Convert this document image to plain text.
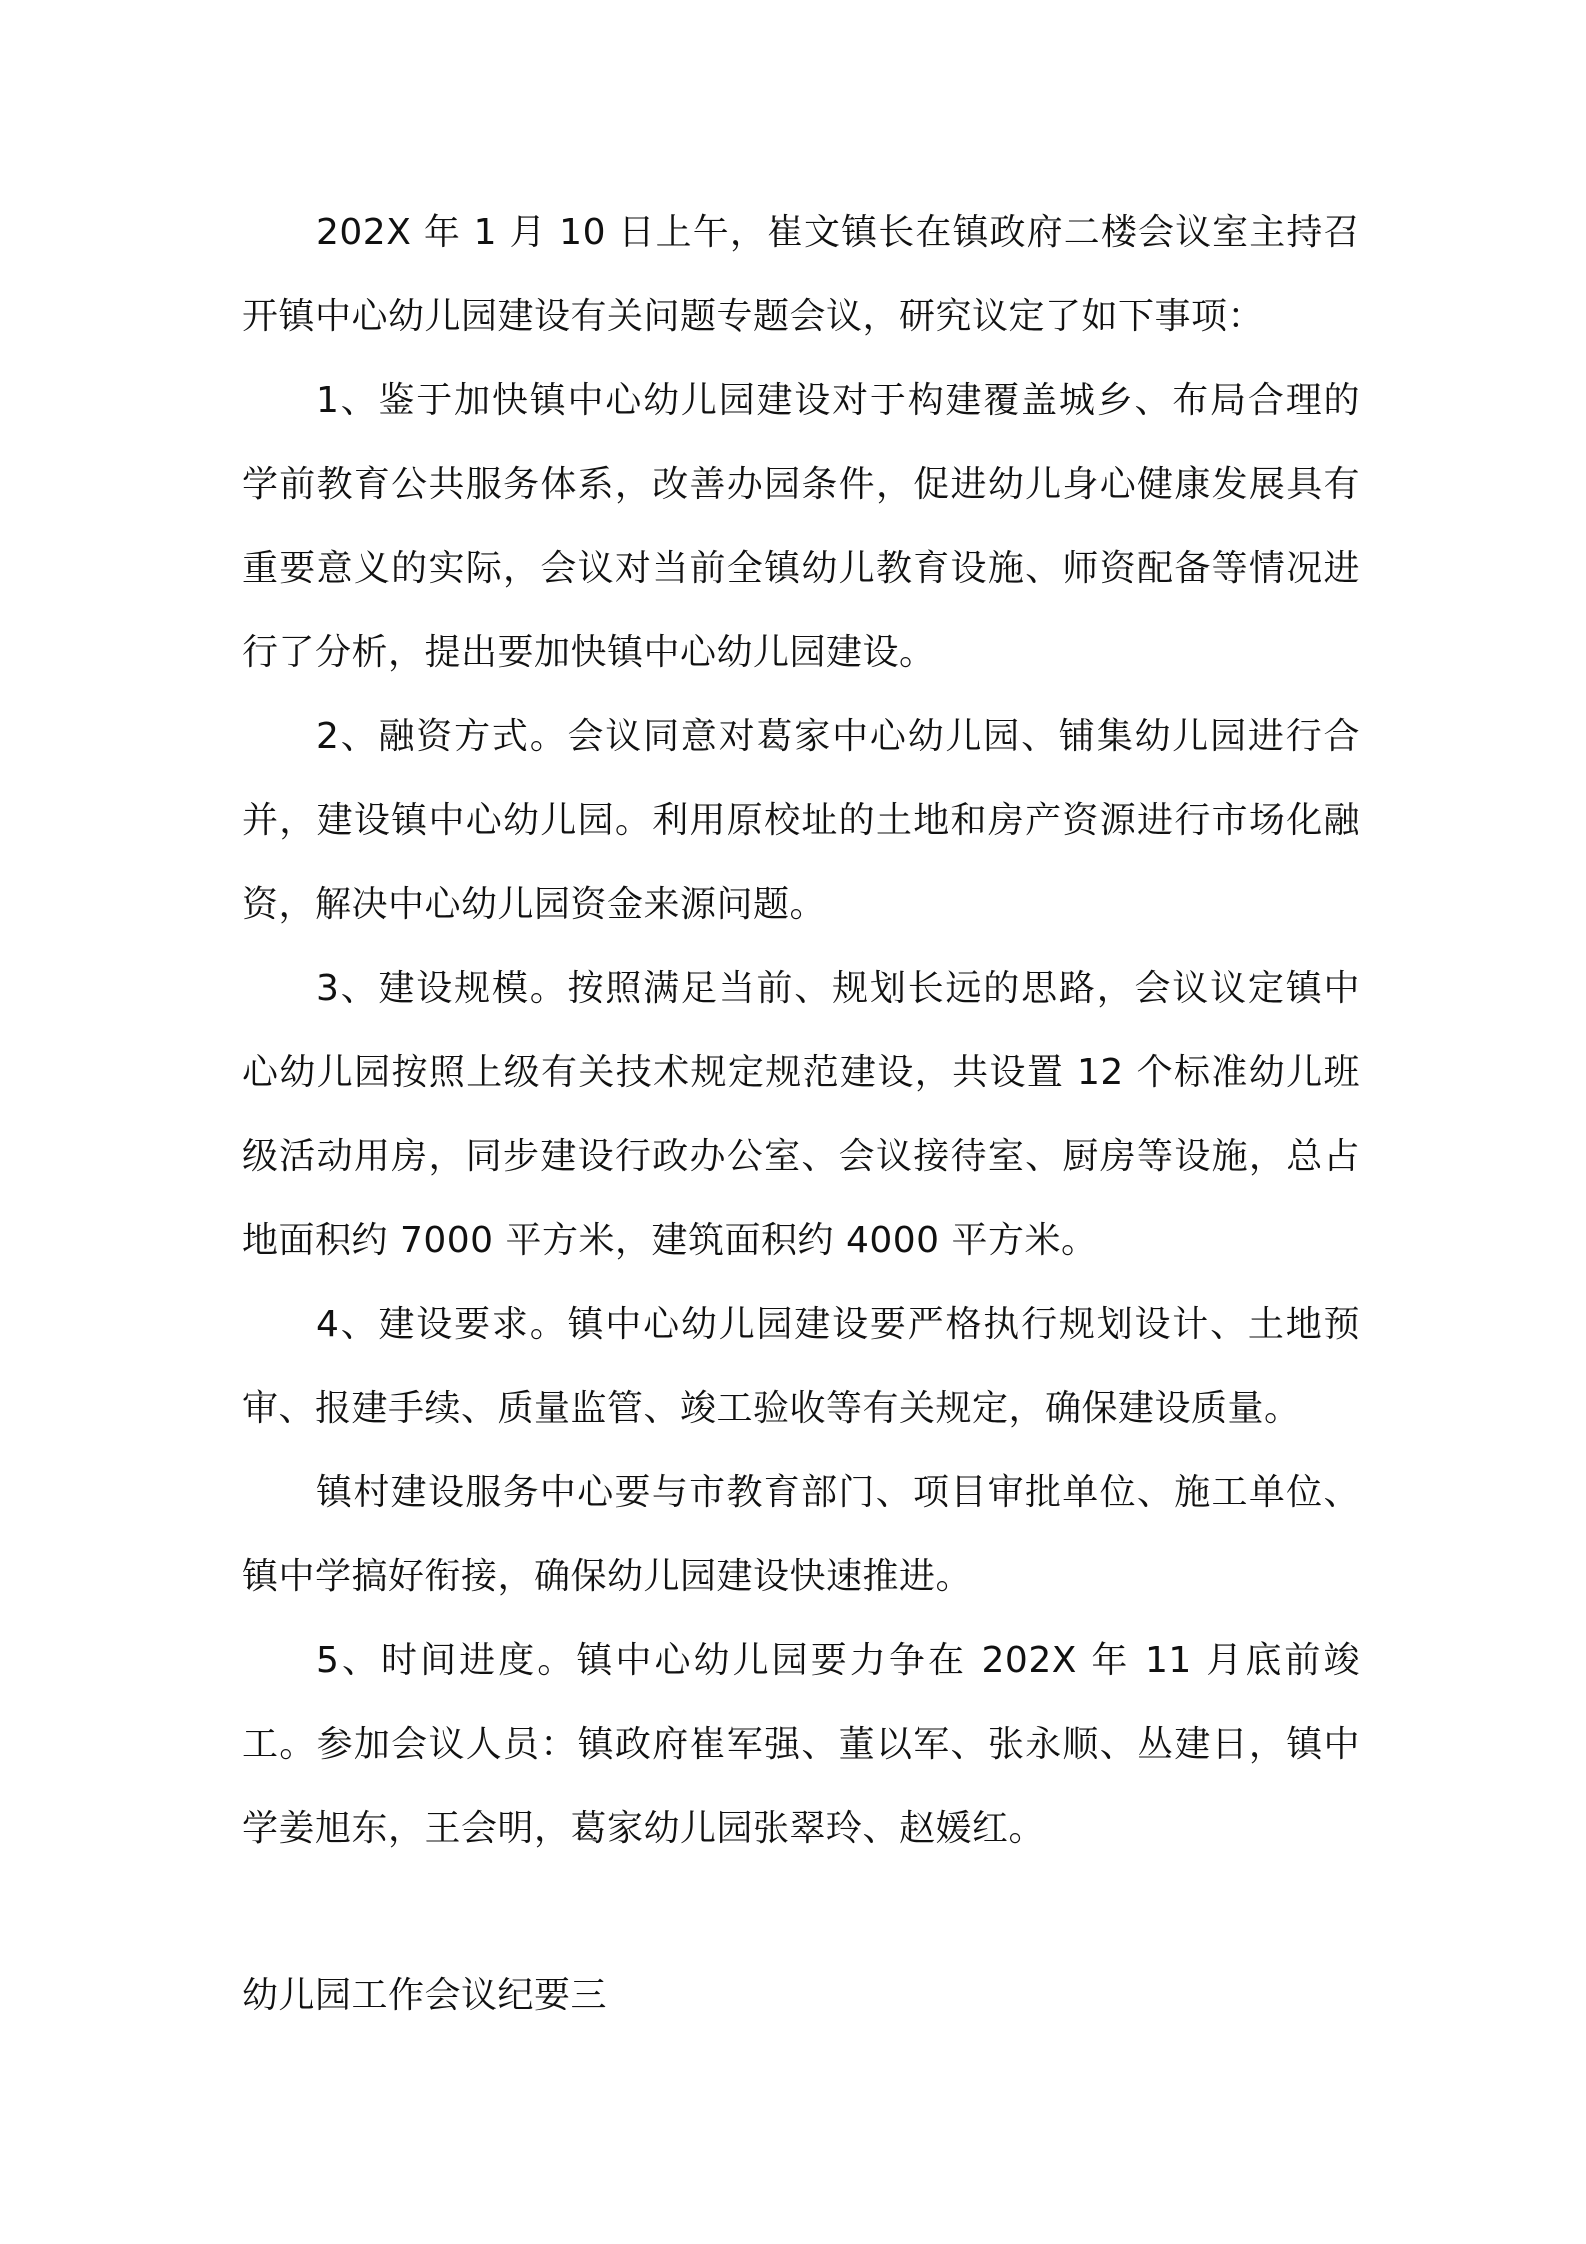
202X 年 1 月 10 日上午，崔文镇长在镇政府二楼会议室主持召开镇中心幼儿园建设有关问题专题会议，研究议定了如下事项：

1、鉴于加快镇中心幼儿园建设对于构建覆盖城乡、布局合理的学前教育公共服务体系，改善办园条件，促进幼儿身心健康发展具有重要意义的实际，会议对当前全镇幼儿教育设施、师资配备等情况进行了分析，提出要加快镇中心幼儿园建设。

2、融资方式。会议同意对葛家中心幼儿园、铺集幼儿园进行合并，建设镇中心幼儿园。利用原校址的土地和房产资源进行市场化融资，解决中心幼儿园资金来源问题。

3、建设规模。按照满足当前、规划长远的思路，会议议定镇中心幼儿园按照上级有关技术规定规范建设，共设置 12 个标准幼儿班级活动用房，同步建设行政办公室、会议接待室、厨房等设施，总占地面积约 7000 平方米，建筑面积约 4000 平方米。

4、建设要求。镇中心幼儿园建设要严格执行规划设计、土地预审、报建手续、质量监管、竣工验收等有关规定，确保建设质量。

镇村建设服务中心要与市教育部门、项目审批单位、施工单位、镇中学搞好衔接，确保幼儿园建设快速推进。

5、时间进度。镇中心幼儿园要力争在 202X 年 11 月底前竣工。参加会议人员：镇政府崔军强、董以军、张永顺、丛建日，镇中学姜旭东，王会明，葛家幼儿园张翠玲、赵媛红。

幼儿园工作会议纪要三
